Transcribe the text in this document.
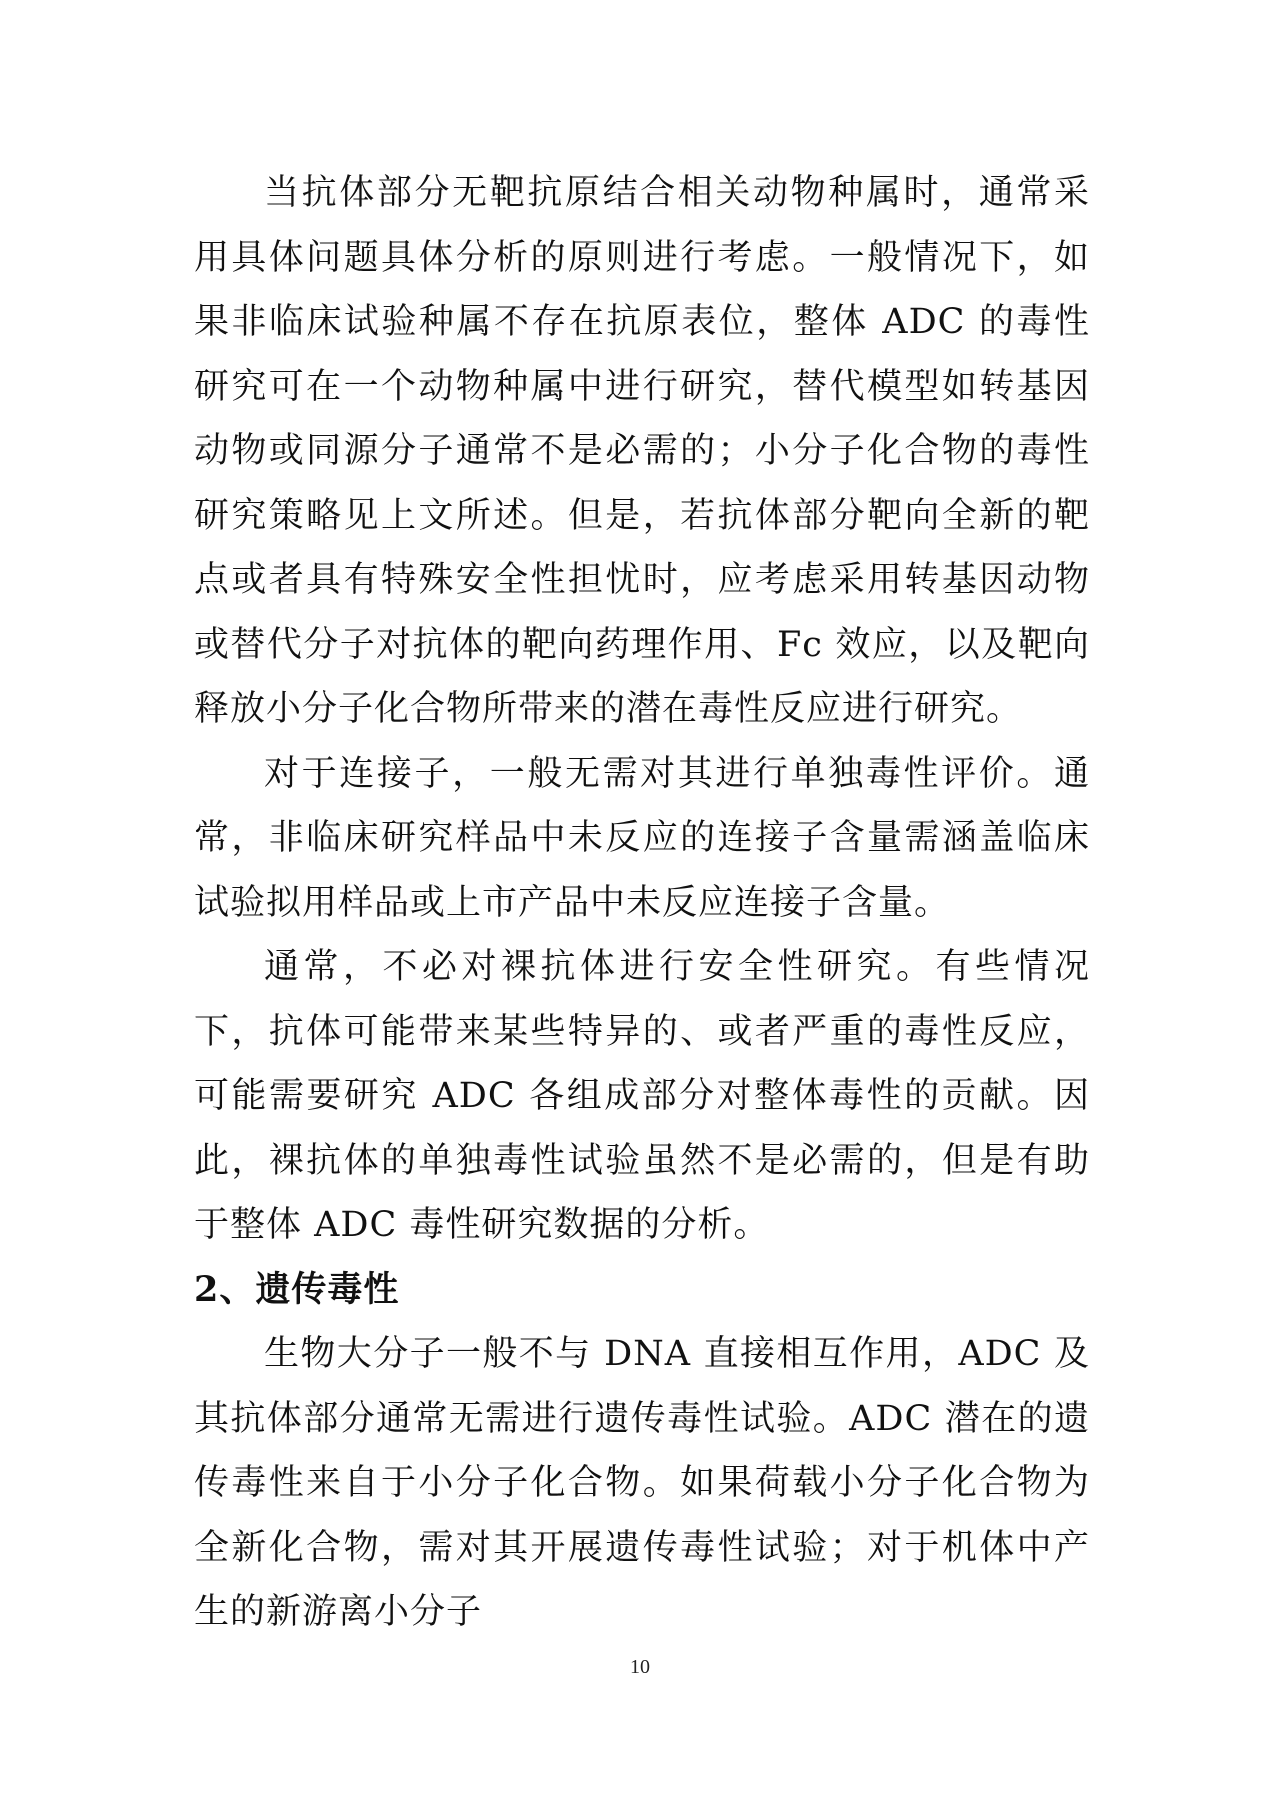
当抗体部分无靶抗原结合相关动物种属时，通常采用具体问题具体分析的原则进行考虑。一般情况下，如果非临床试验种属不存在抗原表位，整体 ADC 的毒性研究可在一个动物种属中进行研究，替代模型如转基因动物或同源分子通常不是必需的；小分子化合物的毒性研究策略见上文所述。但是，若抗体部分靶向全新的靶点或者具有特殊安全性担忧时，应考虑采用转基因动物或替代分子对抗体的靶向药理作用、Fc 效应，以及靶向释放小分子化合物所带来的潜在毒性反应进行研究。

对于连接子，一般无需对其进行单独毒性评价。通常，非临床研究样品中未反应的连接子含量需涵盖临床试验拟用样品或上市产品中未反应连接子含量。

通常，不必对裸抗体进行安全性研究。有些情况下，抗体可能带来某些特异的、或者严重的毒性反应，可能需要研究 ADC 各组成部分对整体毒性的贡献。因此，裸抗体的单独毒性试验虽然不是必需的，但是有助于整体 ADC 毒性研究数据的分析。

2、遗传毒性

生物大分子一般不与 DNA 直接相互作用，ADC 及其抗体部分通常无需进行遗传毒性试验。ADC 潜在的遗传毒性来自于小分子化合物。如果荷载小分子化合物为全新化合物，需对其开展遗传毒性试验；对于机体中产生的新游离小分子

10
